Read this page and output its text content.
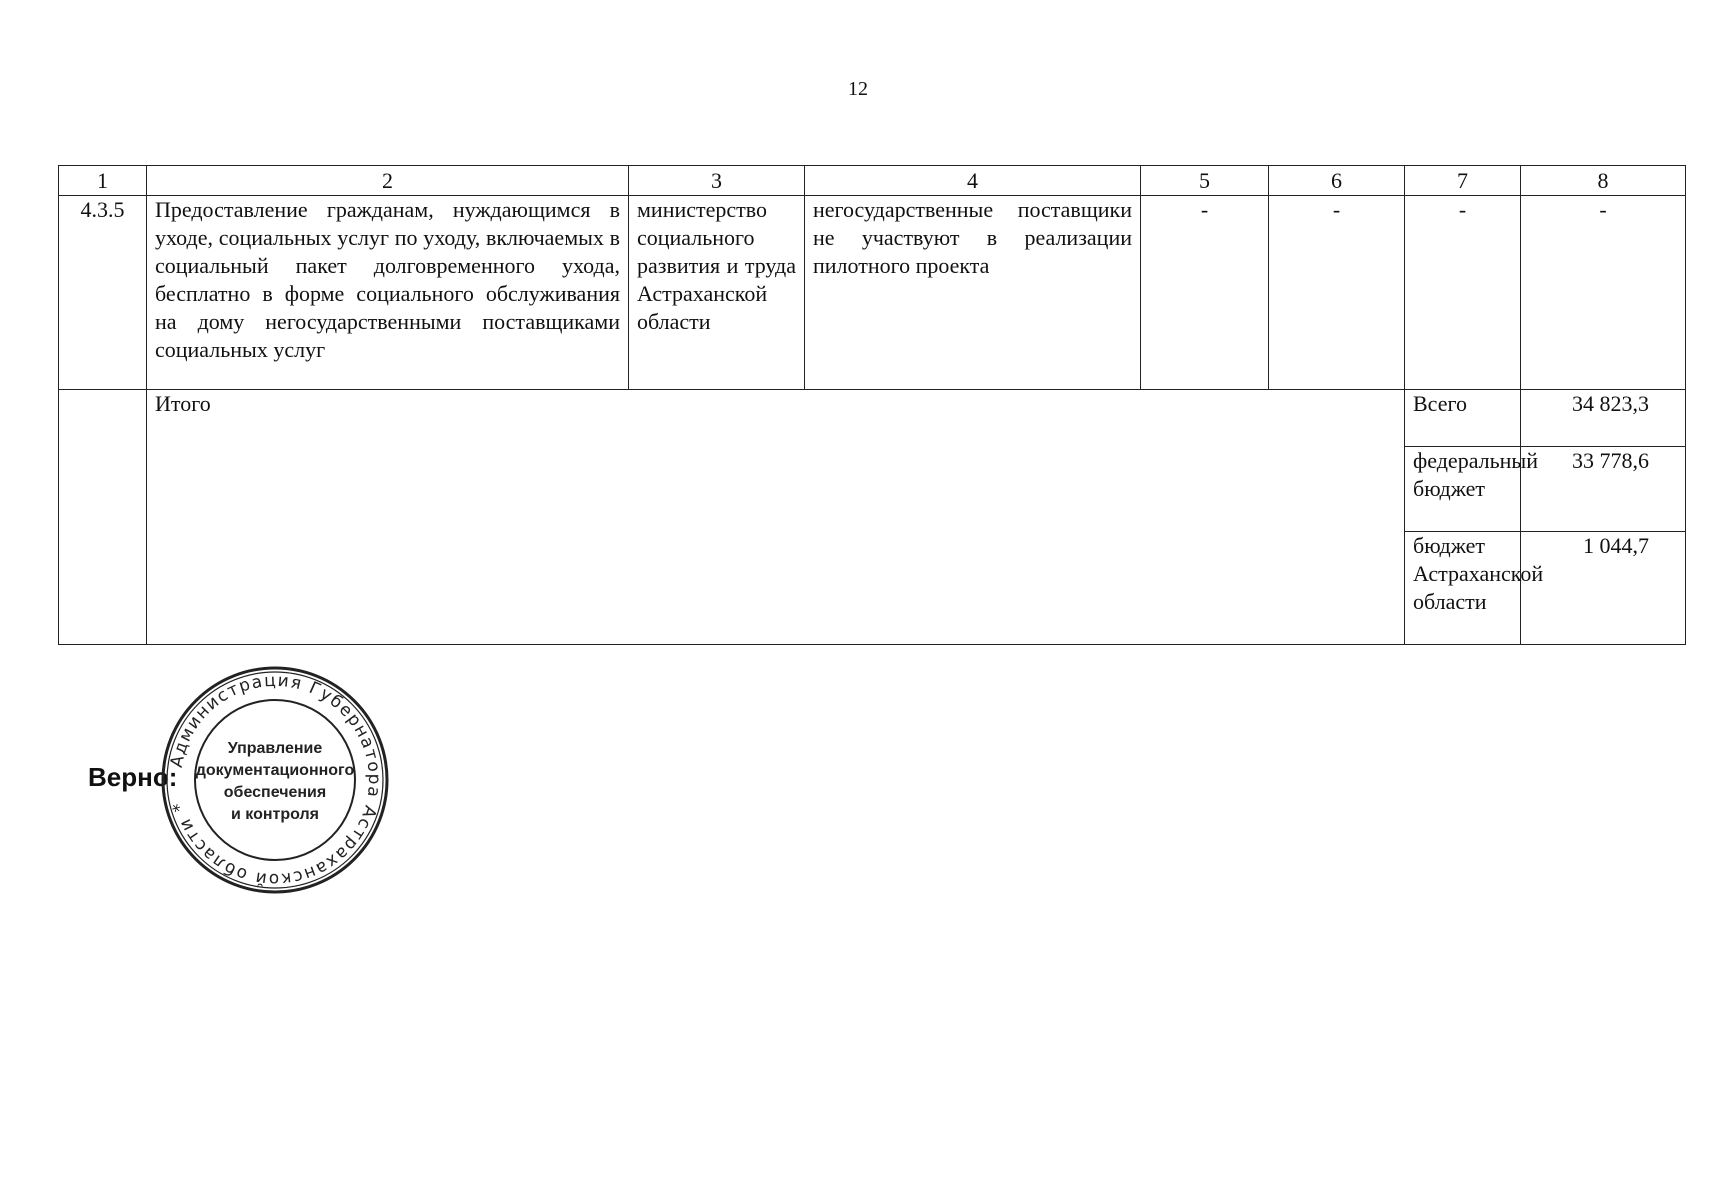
12
1	2	3	4	5	6	7	8
4.3.5	Предоставление гражданам, нуждающимся в уходе, социальных услуг по уходу, включаемых в социальный пакет долговременного ухода, бесплатно в форме социального обслуживания на дому негосударственными поставщиками социальных услуг	министерство социального развития и труда Астраханской области	негосударственные поставщики не участвуют в реализации пилотного проекта	-	-	-	-
	Итого					Всего	34 823,3
						федеральный бюджет	33 778,6
						бюджет Астраханской области	1 044,7
Верно:
Администрация Губернатора Астраханской области *
Управление
документационного
обеспечения
и контроля
